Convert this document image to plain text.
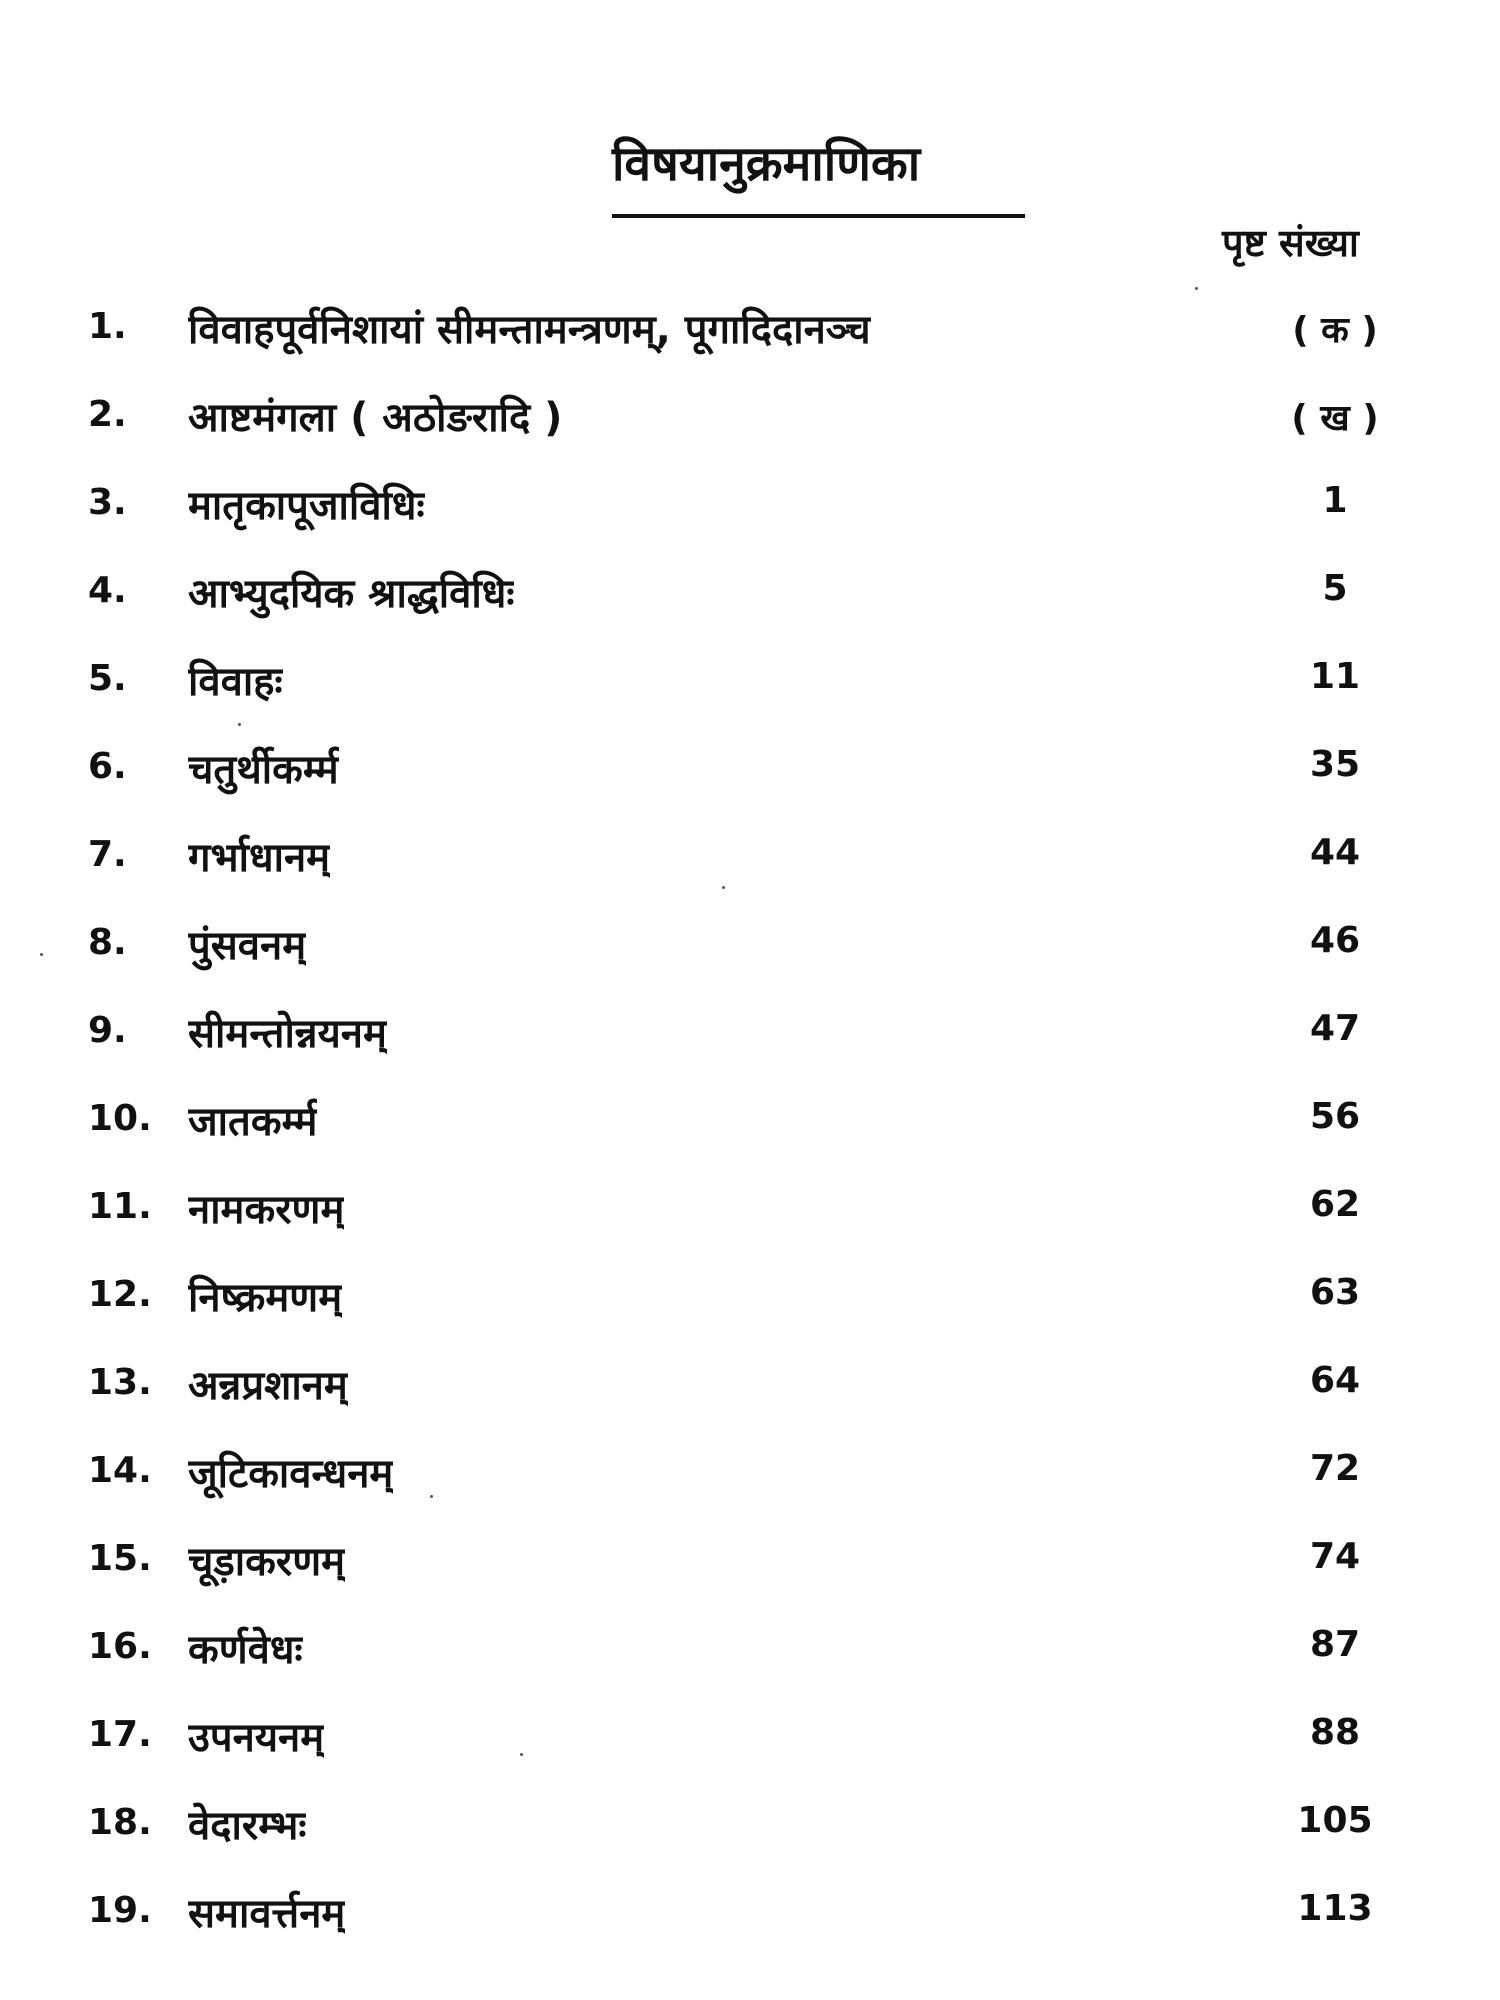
विषयानुक्रमाणिका
पृष्ट संख्या
1.	विवाहपूर्वनिशायां सीमन्तामन्त्रणम्, पूगादिदानञ्च	( क )
2.	आष्टमंगला ( अठोङरादि )	( ख )
3.	मातृकापूजाविधिः	1
4.	आभ्युदयिक श्राद्धविधिः	5
5.	विवाहः	11
6.	चतुर्थीकर्म्म	35
7.	गर्भाधानम्	44
8.	पुंसवनम्	46
9.	सीमन्तोन्नयनम्	47
10. जातकर्म्म	56
11. नामकरणम्	62
12. निष्क्रमणम्	63
13. अन्नप्रशानम्	64
14. जूटिकावन्धनम्	72
15. चूड़ाकरणम्	74
16. कर्णवेधः	87
17. उपनयनम्	88
18. वेदारम्भः	105
19. समावर्त्तनम्	113
